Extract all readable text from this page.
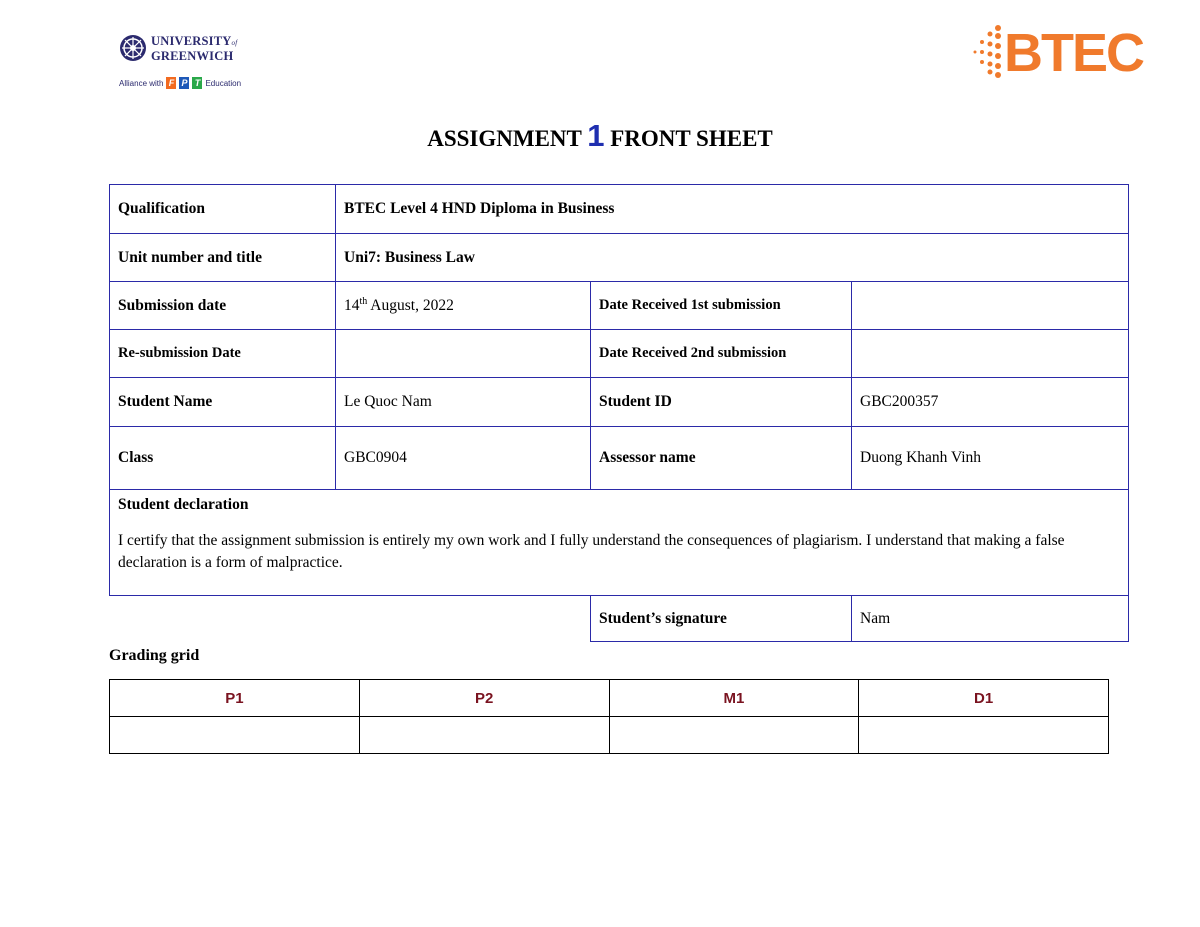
UNIVERSITYof
GREENWICH
Alliance with F P T Education	BTEC
ASSIGNMENT 1 FRONT SHEET
Qualification	BTEC Level 4 HND Diploma in Business		
Unit number and title	Uni7: Business Law		
Submission date	14th August, 2022	Date Received 1st submission	
Re-submission Date		Date Received 2nd submission	
Student Name	Le Quoc Nam	Student ID	GBC200357
Class	GBC0904	Assessor name	Duong Khanh Vinh

Student declaration
I certify that the assignment submission is entirely my own work and I fully understand the consequences of plagiarism. I understand that making a false declaration is a form of malpractice.			

		Student’s signature	Nam
Grading grid
P1	P2	M1	D1
